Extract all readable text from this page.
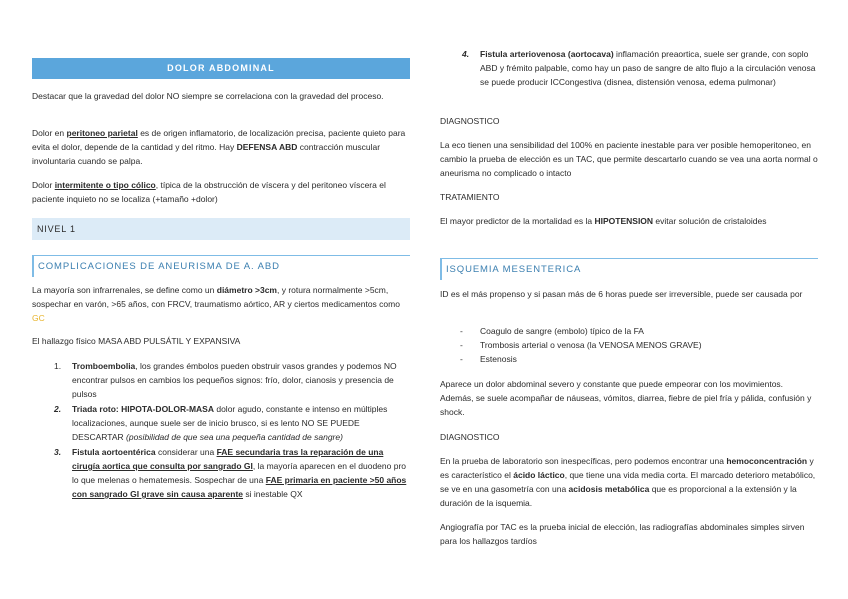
DOLOR ABDOMINAL

Destacar que la gravedad del dolor NO siempre se correlaciona con la gravedad del proceso.

Dolor en peritoneo parietal es de origen inflamatorio, de localización precisa, paciente quieto para evita el dolor, depende de la cantidad y del ritmo. Hay DEFENSA ABD contracción muscular involuntaria cuando se palpa.

Dolor intermitente o tipo cólico, típica de la obstrucción de víscera y del peritoneo víscera el paciente inquieto no se localiza (+tamaño +dolor)

NIVEL 1
COMPLICACIONES DE ANEURISMA DE A. ABD

La mayoría son infrarrenales, se define como un diámetro >3cm, y rotura normalmente >5cm, sospechar en varón, >65 años, con FRCV, traumatismo aórtico, AR y ciertos medicamentos como GC

El hallazgo físico MASA ABD PULSÁTIL Y EXPANSIVA

1. Tromboembolia, los grandes émbolos pueden obstruir vasos grandes y podemos NO encontrar pulsos en cambios los pequeños signos: frío, dolor, cianosis y presencia de pulsos
2. Triada roto: HIPOTA-DOLOR-MASA dolor agudo, constante e intenso en múltiples localizaciones, aunque suele ser de inicio brusco, si es lento NO SE PUEDE DESCARTAR (posibilidad de que sea una pequeña cantidad de sangre)
3. Fistula aortoentérica considerar una FAE secundaria tras la reparación de una cirugía aortica que consulta por sangrado GI, la mayoría aparecen en el duodeno pro lo que melenas o hematemesis. Sospechar de una FAE primaria en paciente >50 años con sangrado GI grave sin causa aparente si inestable QX
4. Fistula arteriovenosa (aortocava) inflamación preaortica, suele ser grande, con soplo ABD y frémito palpable, como hay un paso de sangre de alto flujo a la circulación venosa se puede producir ICCongestiva (disnea, distensión venosa, edema pulmonar)

DIAGNOSTICO

La eco tienen una sensibilidad del 100% en paciente inestable para ver posible hemoperitoneo, en cambio la prueba de elección es un TAC, que permite descartarlo cuando se vea una aorta normal o aneurisma no complicado o intacto

TRATAMIENTO

El mayor predictor de la mortalidad es la HIPOTENSION evitar solución de cristaloides

ISQUEMIA MESENTERICA

ID es el más propenso y si pasan más de 6 horas puede ser irreversible, puede ser causada por

- Coagulo de sangre (embolo) típico de la FA
- Trombosis arterial o venosa (la VENOSA MENOS GRAVE)
- Estenosis

Aparece un dolor abdominal severo y constante que puede empeorar con los movimientos. Además, se suele acompañar de náuseas, vómitos, diarrea, fiebre de piel fría y pálida, confusión y shock.

DIAGNOSTICO

En la prueba de laboratorio son inespecíficas, pero podemos encontrar una hemoconcentración y es característico el ácido láctico, que tiene una vida media corta. El marcado deterioro metabólico, se ve en una gasometría con una acidosis metabólica que es proporcional a la extensión y la duración de la isquemia.

Angiografía por TAC es la prueba inicial de elección, las radiografías abdominales simples sirven para los hallazgos tardíos
